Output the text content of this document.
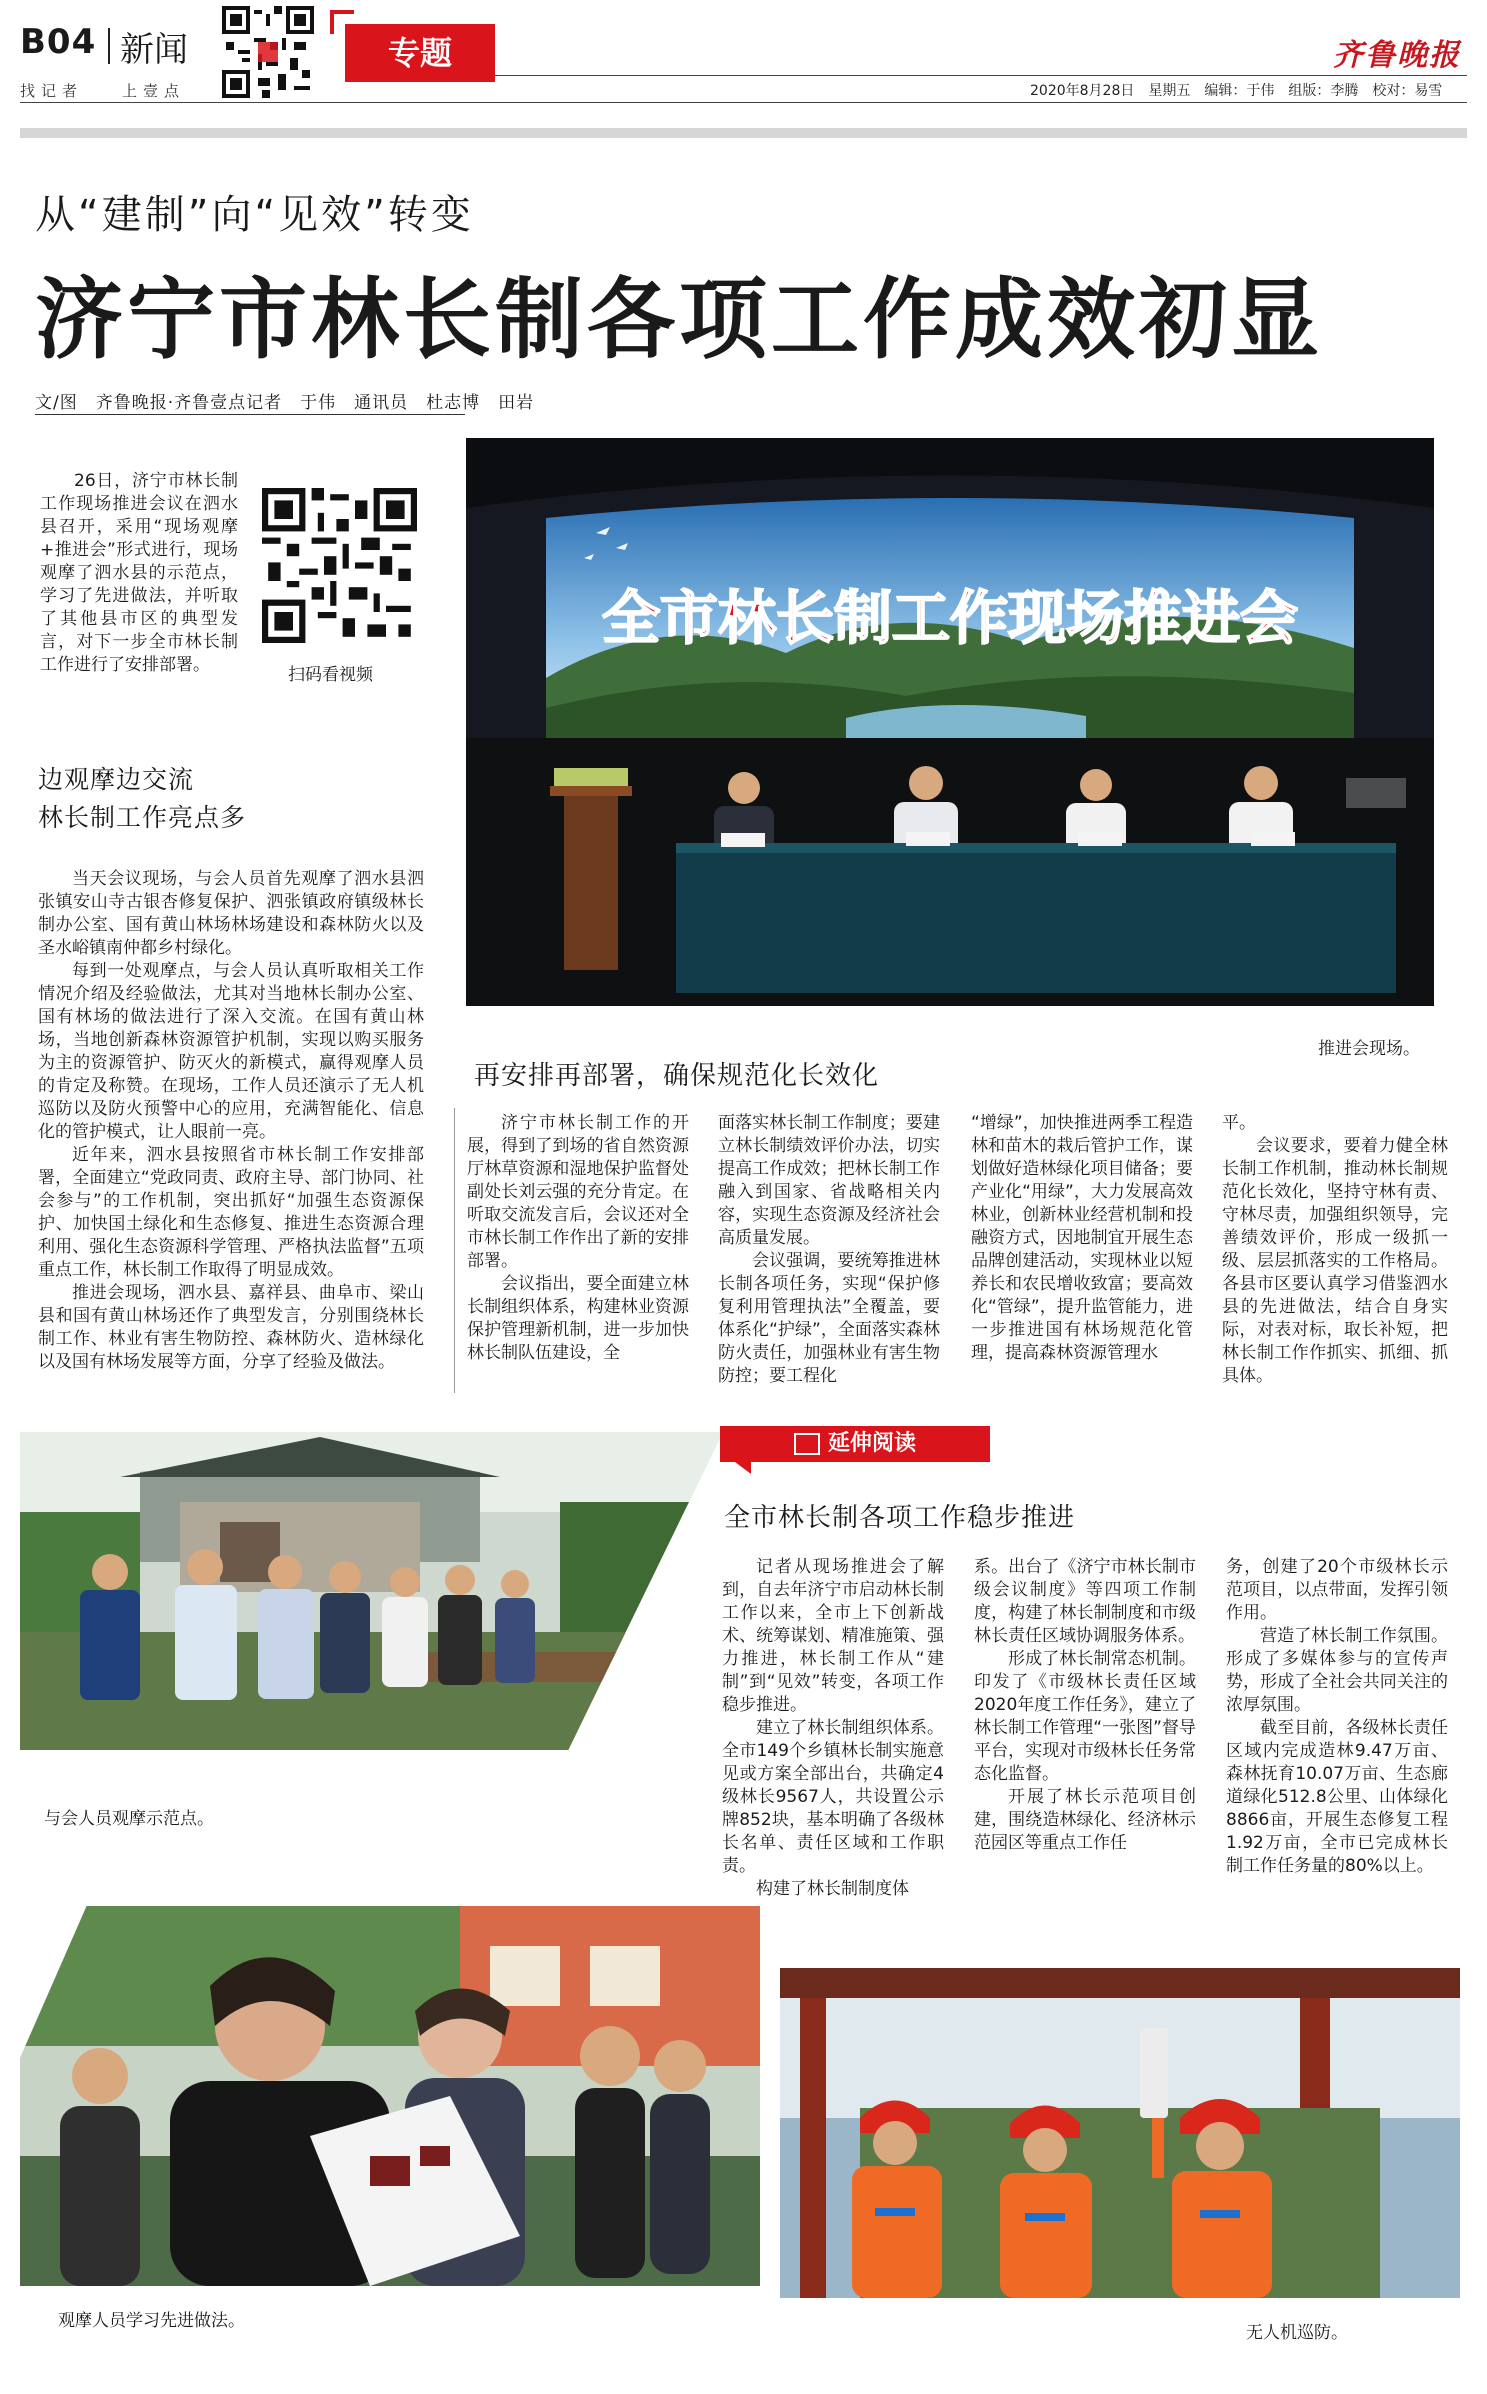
B04 新闻
找记者	上壹点
专题	齐鲁晚报
2020年8月28日　星期五　编辑：于伟　组版：李腾　校对：易雪
从“建制”向“见效”转变
济宁市林长制各项工作成效初显
文/图　齐鲁晚报·齐鲁壹点记者　于伟　通讯员　杜志博　田岩

26日，济宁市林长制工作现场推进会议在泗水县召开，采用“现场观摩+推进会”形式进行，现场观摩了泗水县的示范点，学习了先进做法，并听取了其他县市区的典型发言，对下一步全市林长制工作进行了安排部署。	扫码看视频
边观摩边交流
林长制工作亮点多

当天会议现场，与会人员首先观摩了泗水县泗张镇安山寺古银杏修复保护、泗张镇政府镇级林长制办公室、国有黄山林场林场建设和森林防火以及圣水峪镇南仲都乡村绿化。

每到一处观摩点，与会人员认真听取相关工作情况介绍及经验做法，尤其对当地林长制办公室、国有林场的做法进行了深入交流。在国有黄山林场，当地创新森林资源管护机制，实现以购买服务为主的资源管护、防灭火的新模式，赢得观摩人员的肯定及称赞。在现场，工作人员还演示了无人机巡防以及防火预警中心的应用，充满智能化、信息化的管护模式，让人眼前一亮。

近年来，泗水县按照省市林长制工作安排部署，全面建立“党政同责、政府主导、部门协同、社会参与”的工作机制，突出抓好“加强生态资源保护、加快国土绿化和生态修复、推进生态资源合理利用、强化生态资源科学管理、严格执法监督”五项重点工作，林长制工作取得了明显成效。

推进会现场，泗水县、嘉祥县、曲阜市、梁山县和国有黄山林场还作了典型发言，分别围绕林长制工作、林业有害生物防控、森林防火、造林绿化以及国有林场发展等方面，分享了经验及做法。

全市林长制工作现场推进会
推进会现场。
再安排再部署，确保规范化长效化

济宁市林长制工作的开展，得到了到场的省自然资源厅林草资源和湿地保护监督处副处长刘云强的充分肯定。在听取交流发言后，会议还对全市林长制工作作出了新的安排部署。

会议指出，要全面建立林长制组织体系，构建林业资源保护管理新机制，进一步加快林长制队伍建设，全

面落实林长制工作制度；要建立林长制绩效评价办法，切实提高工作成效；把林长制工作融入到国家、省战略相关内容，实现生态资源及经济社会高质量发展。

会议强调，要统筹推进林长制各项任务，实现“保护修复利用管理执法”全覆盖，要体系化“护绿”，全面落实森林防火责任，加强林业有害生物防控；要工程化

“增绿”，加快推进两季工程造林和苗木的栽后管护工作，谋划做好造林绿化项目储备；要产业化“用绿”，大力发展高效林业，创新林业经营机制和投融资方式，因地制宜开展生态品牌创建活动，实现林业以短养长和农民增收致富；要高效化“管绿”，提升监管能力，进一步推进国有林场规范化管理，提高森林资源管理水

平。

会议要求，要着力健全林长制工作机制，推动林长制规范化长效化，坚持守林有责、守林尽责，加强组织领导，完善绩效评价，形成一级抓一级、层层抓落实的工作格局。各县市区要认真学习借鉴泗水县的先进做法，结合自身实际，对表对标，取长补短，把林长制工作作抓实、抓细、抓具体。

与会人员观摩示范点。
延伸阅读
全市林长制各项工作稳步推进

记者从现场推进会了解到，自去年济宁市启动林长制工作以来，全市上下创新战术、统筹谋划、精准施策、强力推进，林长制工作从“建制”到“见效”转变，各项工作稳步推进。

建立了林长制组织体系。全市149个乡镇林长制实施意见或方案全部出台，共确定4级林长9567人，共设置公示牌852块，基本明确了各级林长名单、责任区域和工作职责。

构建了林长制制度体

系。出台了《济宁市林长制市级会议制度》等四项工作制度，构建了林长制制度和市级林长责任区域协调服务体系。

形成了林长制常态机制。印发了《市级林长责任区域2020年度工作任务》，建立了林长制工作管理“一张图”督导平台，实现对市级林长任务常态化监督。

开展了林长示范项目创建，围绕造林绿化、经济林示范园区等重点工作任

务，创建了20个市级林长示范项目，以点带面，发挥引领作用。

营造了林长制工作氛围。形成了多媒体参与的宣传声势，形成了全社会共同关注的浓厚氛围。

截至目前，各级林长责任区域内完成造林9.47万亩、森林抚育10.07万亩、生态廊道绿化512.8公里、山体绿化8866亩，开展生态修复工程1.92万亩，全市已完成林长制工作任务量的80%以上。

观摩人员学习先进做法。
无人机巡防。
